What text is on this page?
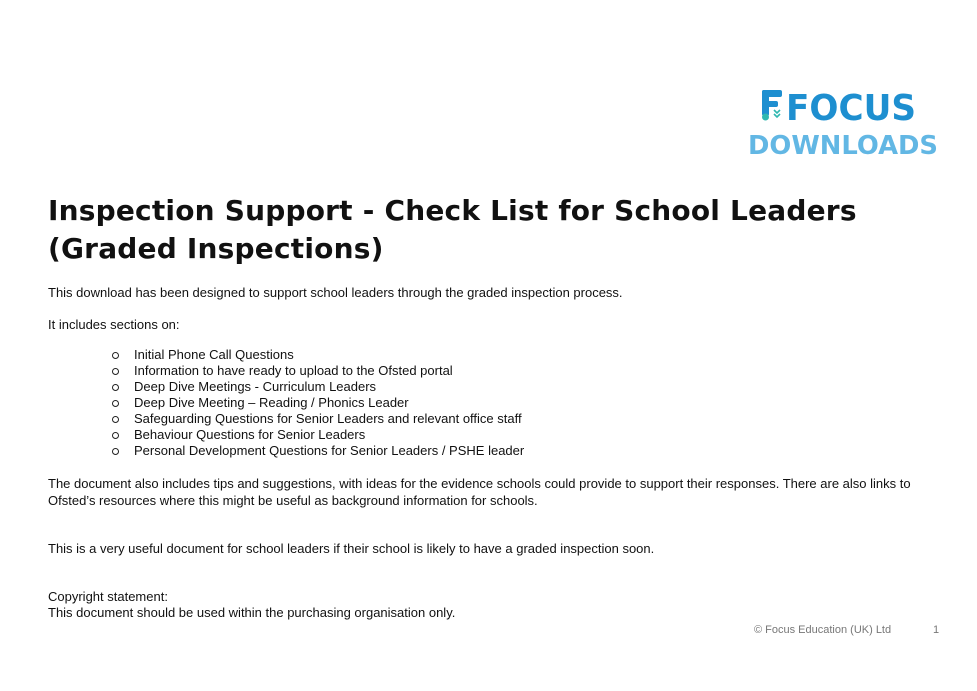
FOCUS
DOWNLOADS
Inspection Support - Check List for School Leaders (Graded Inspections)

This download has been designed to support school leaders through the graded inspection process.

It includes sections on:

Initial Phone Call Questions
Information to have ready to upload to the Ofsted portal
Deep Dive Meetings - Curriculum Leaders
Deep Dive Meeting – Reading / Phonics Leader
Safeguarding Questions for Senior Leaders and relevant office staff
Behaviour Questions for Senior Leaders
Personal Development Questions for Senior Leaders / PSHE leader

The document also includes tips and suggestions, with ideas for the evidence schools could provide to support their responses. There are also links to Ofsted’s resources where this might be useful as background information for schools.

This is a very useful document for school leaders if their school is likely to have a graded inspection soon.

Copyright statement:

This document should be used within the purchasing organisation only.

© Focus Education (UK) Ltd	1
